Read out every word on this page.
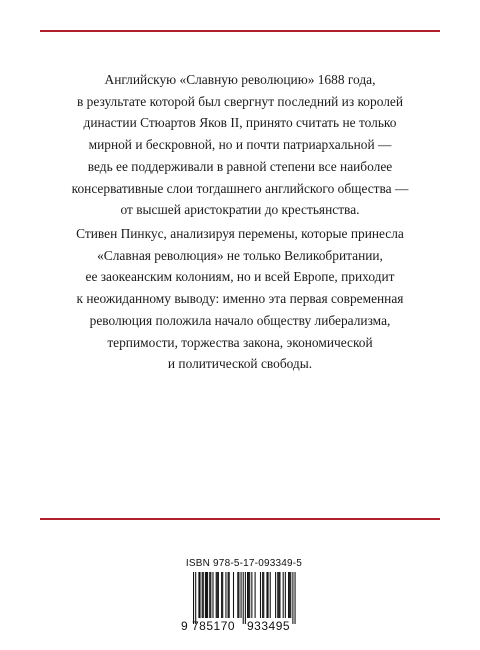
Английскую «Славную революцию» 1688 года,
в результате которой был свергнут последний из королей
династии Стюартов Яков II, принято считать не только
мирной и бескровной, но и почти патриархальной —
ведь ее поддерживали в равной степени все наиболее
консервативные слои тогдашнего английского общества —
от высшей аристократии до крестьянства.
Стивен Пинкус, анализируя перемены, которые принесла
«Славная революция» не только Великобритании,
ее заокеанским колониям, но и всей Европе, приходит
к неожиданному выводу: именно эта первая современная
революция положила начало обществу либерализма,
терпимости, торжества закона, экономической
и политической свободы.
ISBN 978-5-17-093349-5
9 785170 933495
